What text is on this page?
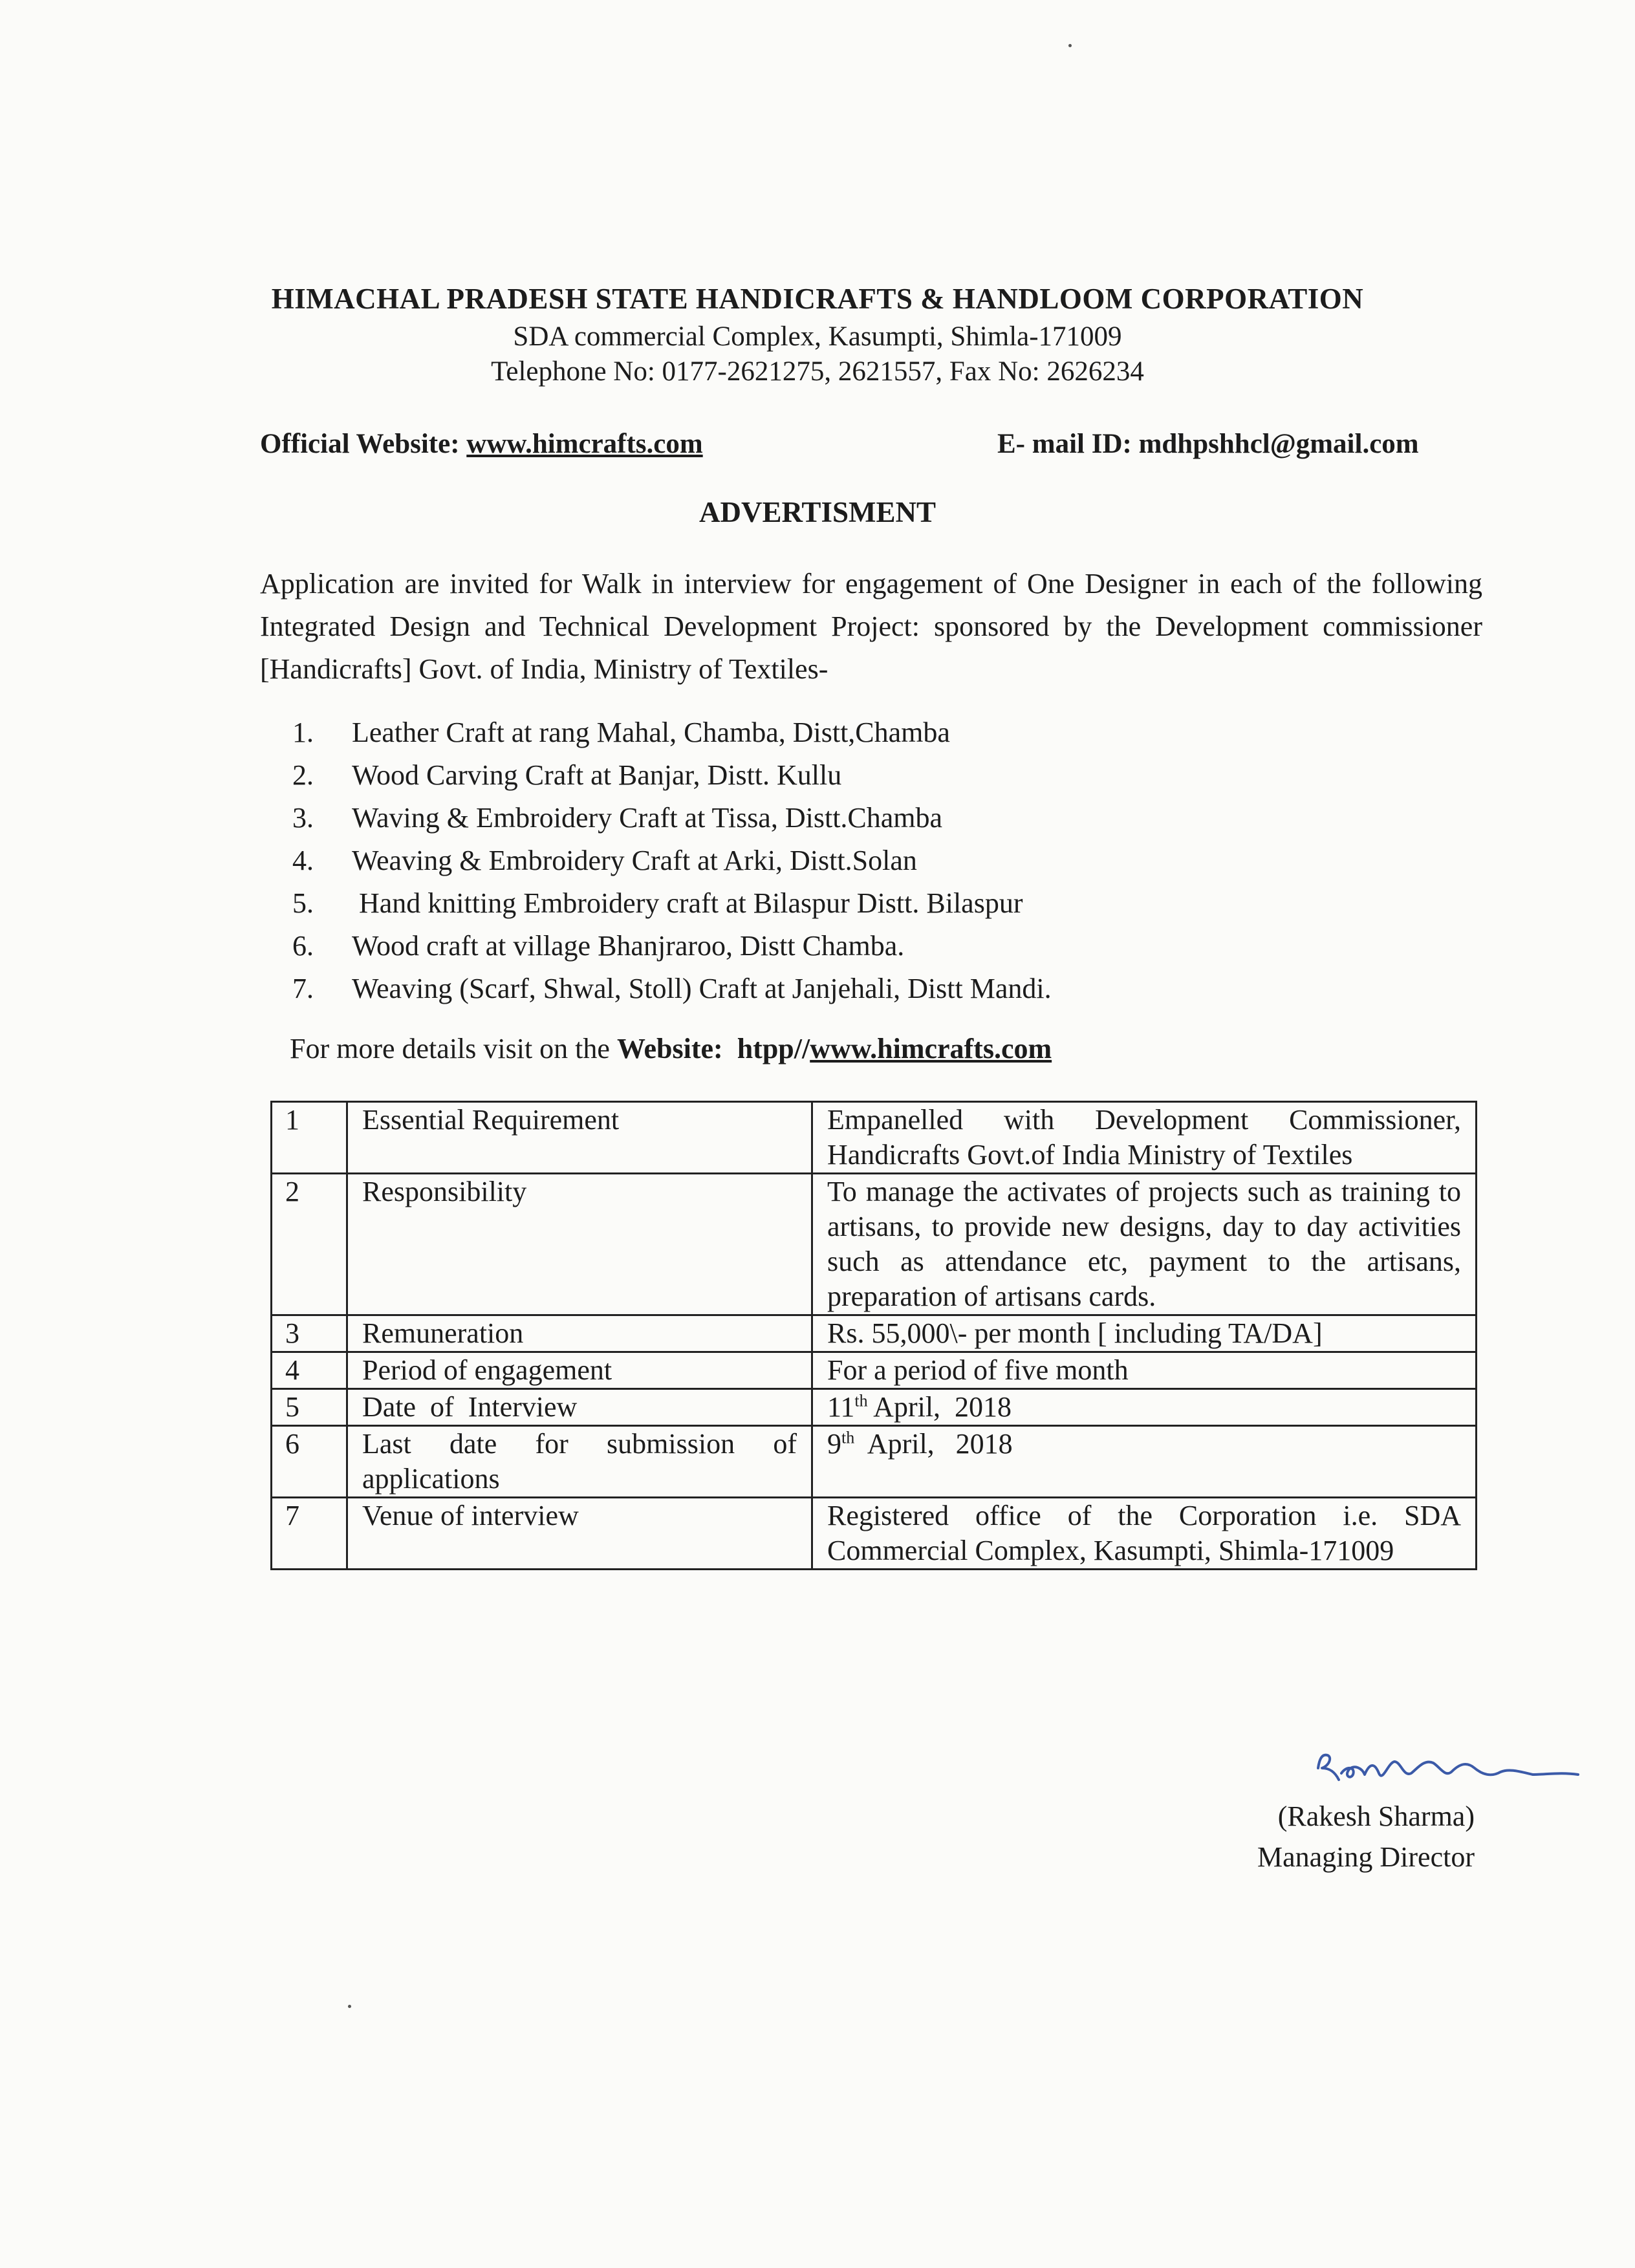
HIMACHAL PRADESH STATE HANDICRAFTS & HANDLOOM CORPORATION
SDA commercial Complex, Kasumpti, Shimla-171009
Telephone No: 0177-2621275, 2621557, Fax No: 2626234
Official Website: www.himcrafts.com	E- mail ID: mdhpshhcl@gmail.com
ADVERTISMENT
Application are invited for Walk in interview for engagement of One Designer in each of the following Integrated Design and Technical Development Project: sponsored by the Development commissioner [Handicrafts] Govt. of India, Ministry of Textiles-
1. Leather Craft at rang Mahal, Chamba, Distt,Chamba
2. Wood Carving Craft at Banjar, Distt. Kullu
3. Waving & Embroidery Craft at Tissa, Distt.Chamba
4. Weaving & Embroidery Craft at Arki, Distt.Solan
5. Hand knitting Embroidery craft at Bilaspur Distt. Bilaspur
6. Wood craft at village Bhanjraroo, Distt Chamba.
7. Weaving (Scarf, Shwal, Stoll) Craft at Janjehali, Distt Mandi.
For more details visit on the Website:  htpp//www.himcrafts.com
1	Essential Requirement	Empanelled with Development Commissioner, Handicrafts Govt.of India Ministry of Textiles
2	Responsibility	To manage the activates of projects such as training to artisans, to provide new designs, day to day activities such as attendance etc, payment to the artisans, preparation of artisans cards.
3	Remuneration	Rs. 55,000\- per month [ including TA/DA]
4	Period of engagement	For a period of five month
5	Date  of  Interview	11th April,  2018
6	Last date for submission of applications	9th  April,   2018
7	Venue of interview	Registered office of the Corporation i.e. SDA Commercial Complex, Kasumpti, Shimla-171009
(Rakesh Sharma)
Managing Director
